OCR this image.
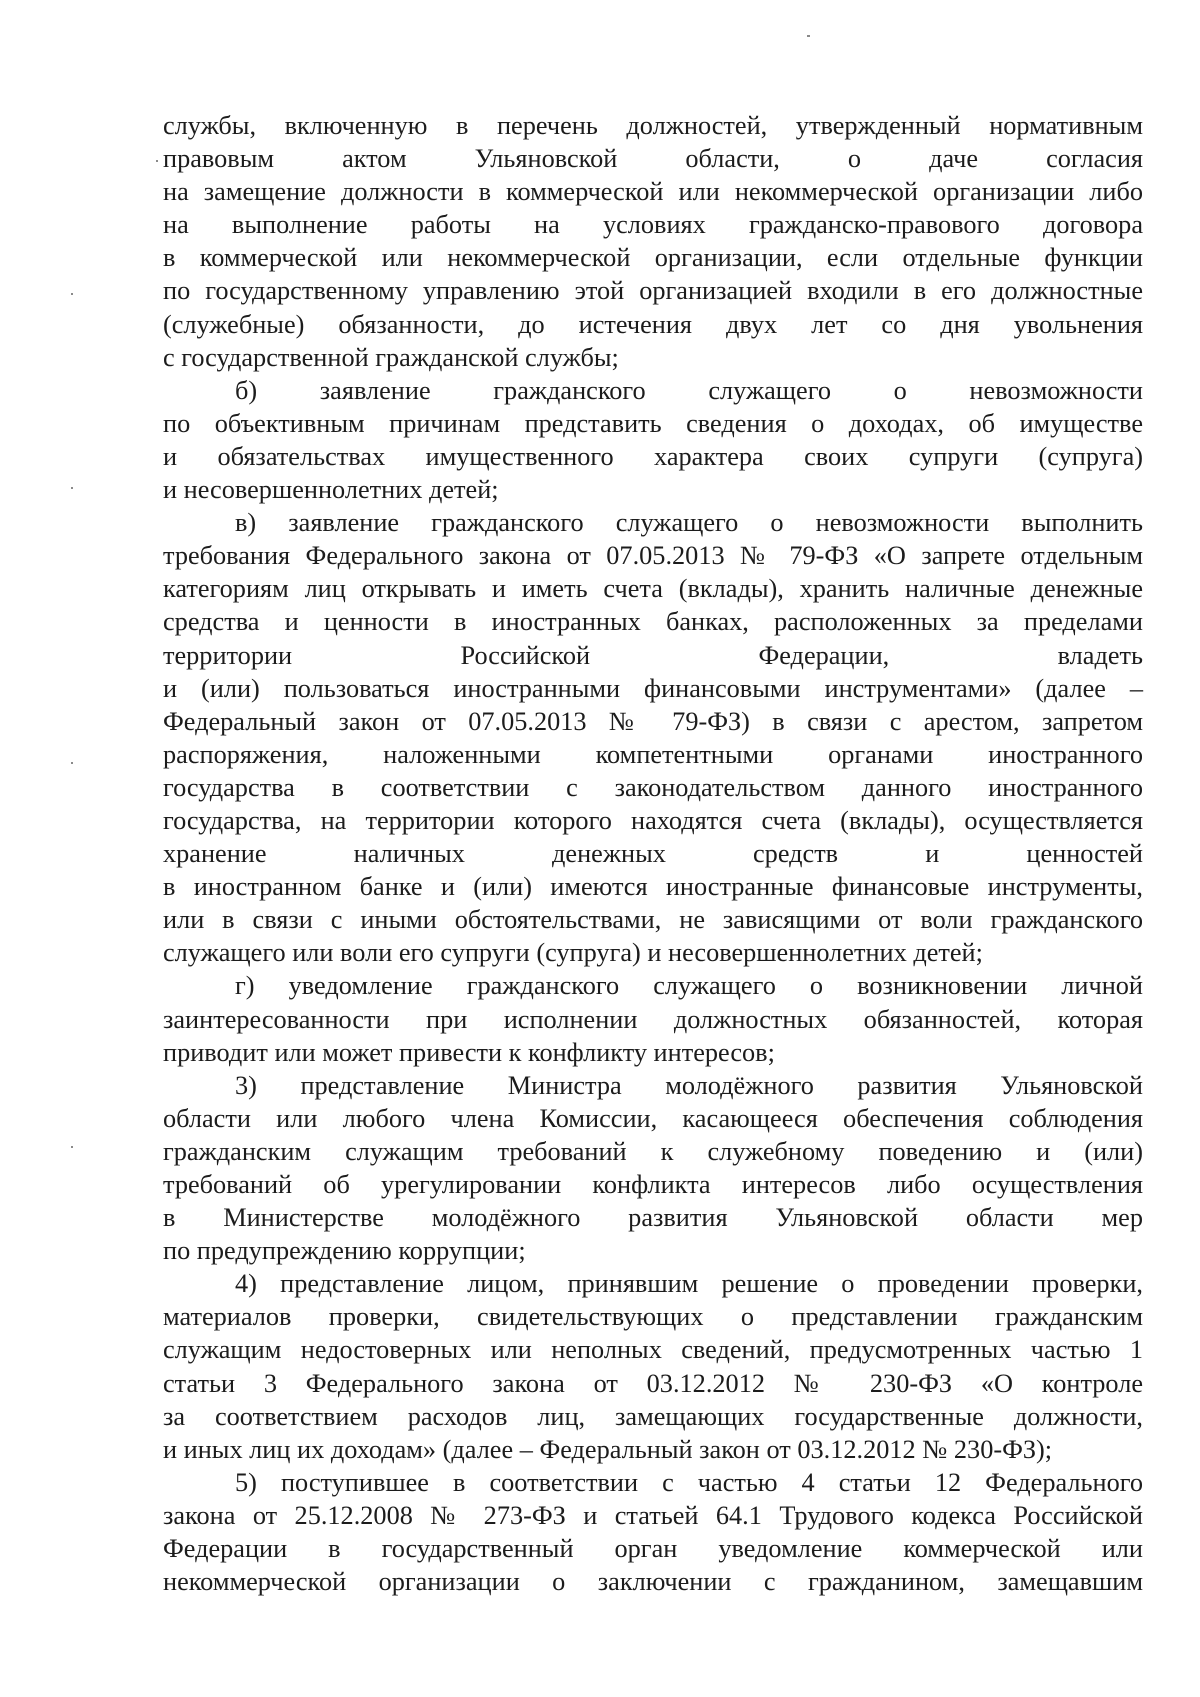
службы, включенную в перечень должностей, утвержденный нормативным
правовым актом Ульяновской области, о даче согласия
на замещение должности в коммерческой или некоммерческой организации либо
на выполнение работы на условиях гражданско-правового договора
в коммерческой или некоммерческой организации, если отдельные функции
по государственному управлению этой организацией входили в его должностные
(служебные) обязанности, до истечения двух лет со дня увольнения
с государственной гражданской службы;
б) заявление гражданского служащего о невозможности
по объективным причинам представить сведения о доходах, об имуществе
и обязательствах имущественного характера своих супруги (супруга)
и несовершеннолетних детей;
в) заявление гражданского служащего о невозможности выполнить
требования Федерального закона от 07.05.2013 № 79-ФЗ «О запрете отдельным
категориям лиц открывать и иметь счета (вклады), хранить наличные денежные
средства и ценности в иностранных банках, расположенных за пределами
территории Российской Федерации, владеть
и (или) пользоваться иностранными финансовыми инструментами» (далее –
Федеральный закон от 07.05.2013 № 79-ФЗ) в связи с арестом, запретом
распоряжения, наложенными компетентными органами иностранного
государства в соответствии с законодательством данного иностранного
государства, на территории которого находятся счета (вклады), осуществляется
хранение наличных денежных средств и ценностей
в иностранном банке и (или) имеются иностранные финансовые инструменты,
или в связи с иными обстоятельствами, не зависящими от воли гражданского
служащего или воли его супруги (супруга) и несовершеннолетних детей;
г) уведомление гражданского служащего о возникновении личной
заинтересованности при исполнении должностных обязанностей, которая
приводит или может привести к конфликту интересов;
3) представление Министра молодёжного развития Ульяновской
области или любого члена Комиссии, касающееся обеспечения соблюдения
гражданским служащим требований к служебному поведению и (или)
требований об урегулировании конфликта интересов либо осуществления
в Министерстве молодёжного развития Ульяновской области мер
по предупреждению коррупции;
4) представление лицом, принявшим решение о проведении проверки,
материалов проверки, свидетельствующих о представлении гражданским
служащим недостоверных или неполных сведений, предусмотренных частью 1
статьи 3 Федерального закона от 03.12.2012 № 230-ФЗ «О контроле
за соответствием расходов лиц, замещающих государственные должности,
и иных лиц их доходам» (далее – Федеральный закон от 03.12.2012 № 230-ФЗ);
5) поступившее в соответствии с частью 4 статьи 12 Федерального
закона от 25.12.2008 № 273-ФЗ и статьей 64.1 Трудового кодекса Российской
Федерации в государственный орган уведомление коммерческой или
некоммерческой организации о заключении с гражданином, замещавшим
